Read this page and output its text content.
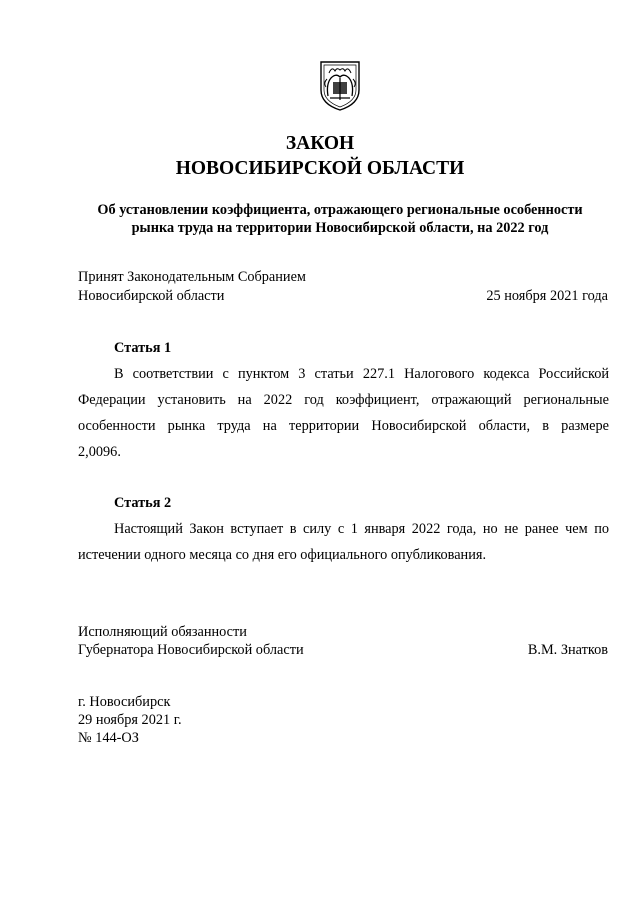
ЗАКОН
НОВОСИБИРСКОЙ ОБЛАСТИ
Об установлении коэффициента, отражающего региональные особенности
рынка труда на территории Новосибирской области, на 2022 год
Принят Законодательным Собранием
Новосибирской области	25 ноября 2021 года
Статья 1
В соответствии с пунктом 3 статьи 227.1 Налогового кодекса Российской
Федерации установить на 2022 год коэффициент, отражающий региональные
особенности рынка труда на территории Новосибирской области, в размере
2,0096.
Статья 2
Настоящий Закон вступает в силу с 1 января 2022 года, но не ранее чем по
истечении одного месяца со дня его официального опубликования.
Исполняющий обязанности
Губернатора Новосибирской области	В.М. Знатков
г. Новосибирск
29 ноября 2021 г.
№ 144-ОЗ
